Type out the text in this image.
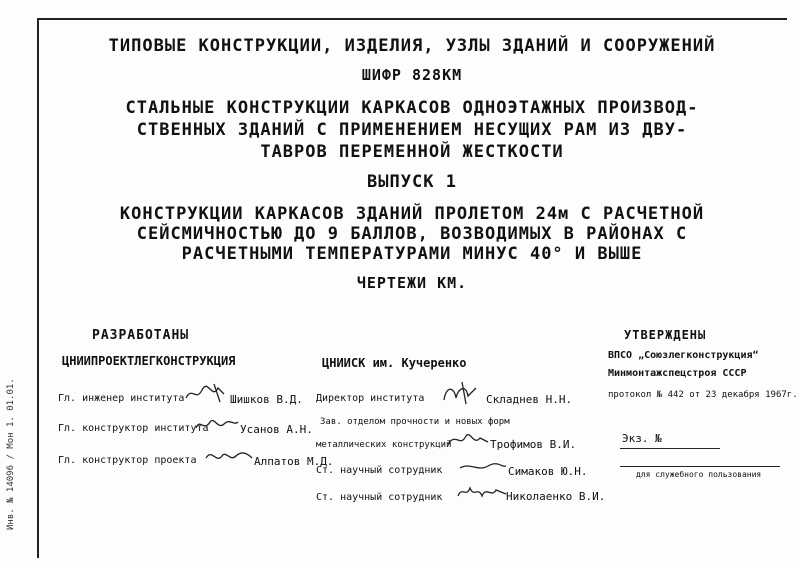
Инв. № 14096 / Мон 1. 01.01.
ТИПОВЫЕ КОНСТРУКЦИИ, ИЗДЕЛИЯ, УЗЛЫ ЗДАНИЙ И СООРУЖЕНИЙ
ШИФР 828КМ
СТАЛЬНЫЕ КОНСТРУКЦИИ КАРКАСОВ ОДНОЭТАЖНЫХ ПРОИЗВОД-
СТВЕННЫХ ЗДАНИЙ С ПРИМЕНЕНИЕМ НЕСУЩИХ РАМ ИЗ ДВУ-
ТАВРОВ ПЕРЕМЕННОЙ ЖЕСТКОСТИ
ВЫПУСК 1
КОНСТРУКЦИИ КАРКАСОВ ЗДАНИЙ ПРОЛЕТОМ 24м С РАСЧЕТНОЙ
СЕЙСМИЧНОСТЬЮ ДО 9 БАЛЛОВ, ВОЗВОДИМЫХ В РАЙОНАХ С
РАСЧЕТНЫМИ ТЕМПЕРАТУРАМИ МИНУС 40° И ВЫШЕ
ЧЕРТЕЖИ КМ.
РАЗРАБОТАНЫ
ЦНИИПРОЕКТЛЕГКОНСТРУКЦИЯ
Гл. инженер института	Шишков В.Д.
Гл. конструктор института	Усанов А.Н.
Гл. конструктор проекта	Алпатов М.Д.
ЦНИИСК им. Кучеренко
Директор института	Складнев Н.Н.
Зав. отделом прочности и новых форм
металлических конструкций	Трофимов В.И.
Ст. научный сотрудник	Симаков Ю.Н.
Ст. научный сотрудник	Николаенко В.И.
УТВЕРЖДЕНЫ
ВПСО „Союзлегконструкция“
Минмонтажспецстроя СССР
протокол № 442 от 23 декабря 1967г.
Экз. №
для служебного пользования
